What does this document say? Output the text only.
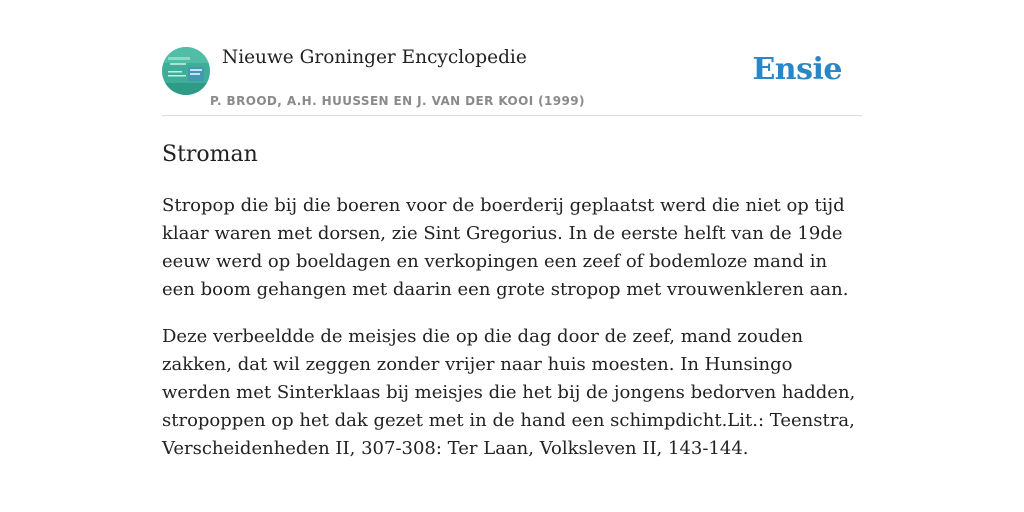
Nieuwe Groninger Encyclopedie
P. BROOD, A.H. HUUSSEN EN J. VAN DER KOOI (1999)
Ensie
Stroman

Stropop die bij die boeren voor de boerderij geplaatst werd die niet op tijd klaar waren met dorsen, zie Sint Gregorius. In de eerste helft van de 19de eeuw werd op boeldagen en verkopingen een zeef of bodemloze mand in een boom gehangen met daarin een grote stropop met vrouwenkleren aan.

Deze verbeeldde de meisjes die op die dag door de zeef, mand zouden zakken, dat wil zeggen zonder vrijer naar huis moesten. In Hunsingo werden met Sinterklaas bij meisjes die het bij de jongens bedorven hadden, stropoppen op het dak gezet met in de hand een schimpdicht.Lit.: Teenstra, Verscheidenheden II, 307-308: Ter Laan, Volksleven II, 143-144.
